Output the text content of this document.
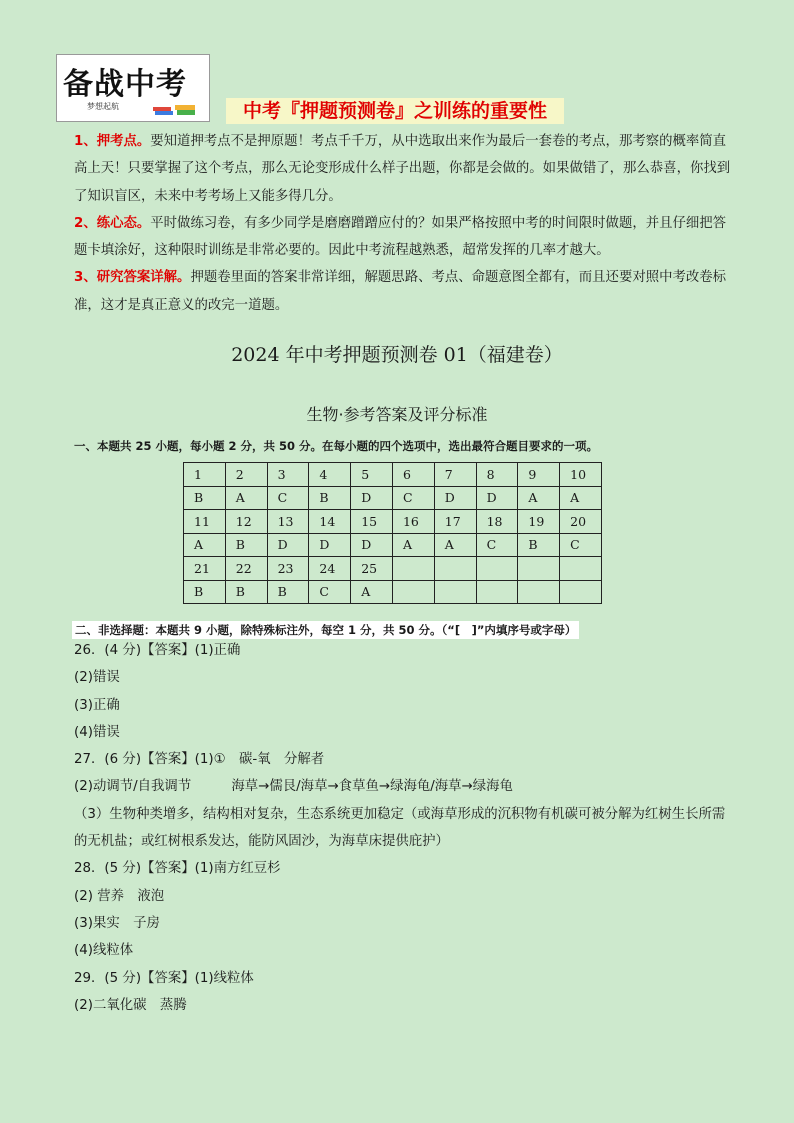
备战中考
梦想起航	中考『押题预测卷』之训练的重要性

1、押考点。要知道押考点不是押原题！考点千千万，从中选取出来作为最后一套卷的考点，那考察的概率简直高上天！只要掌握了这个考点，那么无论变形成什么样子出题，你都是会做的。如果做错了，那么恭喜，你找到了知识盲区，未来中考考场上又能多得几分。

2、练心态。平时做练习卷，有多少同学是磨磨蹭蹭应付的？如果严格按照中考的时间限时做题，并且仔细把答题卡填涂好，这种限时训练是非常必要的。因此中考流程越熟悉，超常发挥的几率才越大。

3、研究答案详解。押题卷里面的答案非常详细，解题思路、考点、命题意图全都有，而且还要对照中考改卷标准，这才是真正意义的改完一道题。

2024 年中考押题预测卷 01（福建卷）
生物·参考答案及评分标准
一、本题共 25 小题，每小题 2 分，共 50 分。在每小题的四个选项中，选出最符合题目要求的一项。
1	2	3	4	5	6	7	8	9	10
B	A	C	B	D	C	D	D	A	A
11	12	13	14	15	16	17	18	19	20
A	B	D	D	D	A	A	C	B	C
21	22	23	24	25					
B	B	B	C	A					
二、非选择题：本题共 9 小题，除特殊标注外，每空 1 分，共 50 分。（“[　]”内填序号或字母）

26．(4 分)【答案】(1)正确

(2)错误

(3)正确

(4)错误

27．(6 分)【答案】(1)①　碳-氧　分解者

(2)动调节/自我调节　　　海草→儒艮/海草→食草鱼→绿海龟/海草→绿海龟

（3）生物种类增多，结构相对复杂，生态系统更加稳定（或海草形成的沉积物有机碳可被分解为红树生长所需的无机盐；或红树根系发达，能防风固沙，为海草床提供庇护）

28．(5 分)【答案】(1)南方红豆杉

(2) 营养　液泡

(3)果实　子房

(4)线粒体

29．(5 分)【答案】(1)线粒体

(2)二氧化碳　蒸腾
